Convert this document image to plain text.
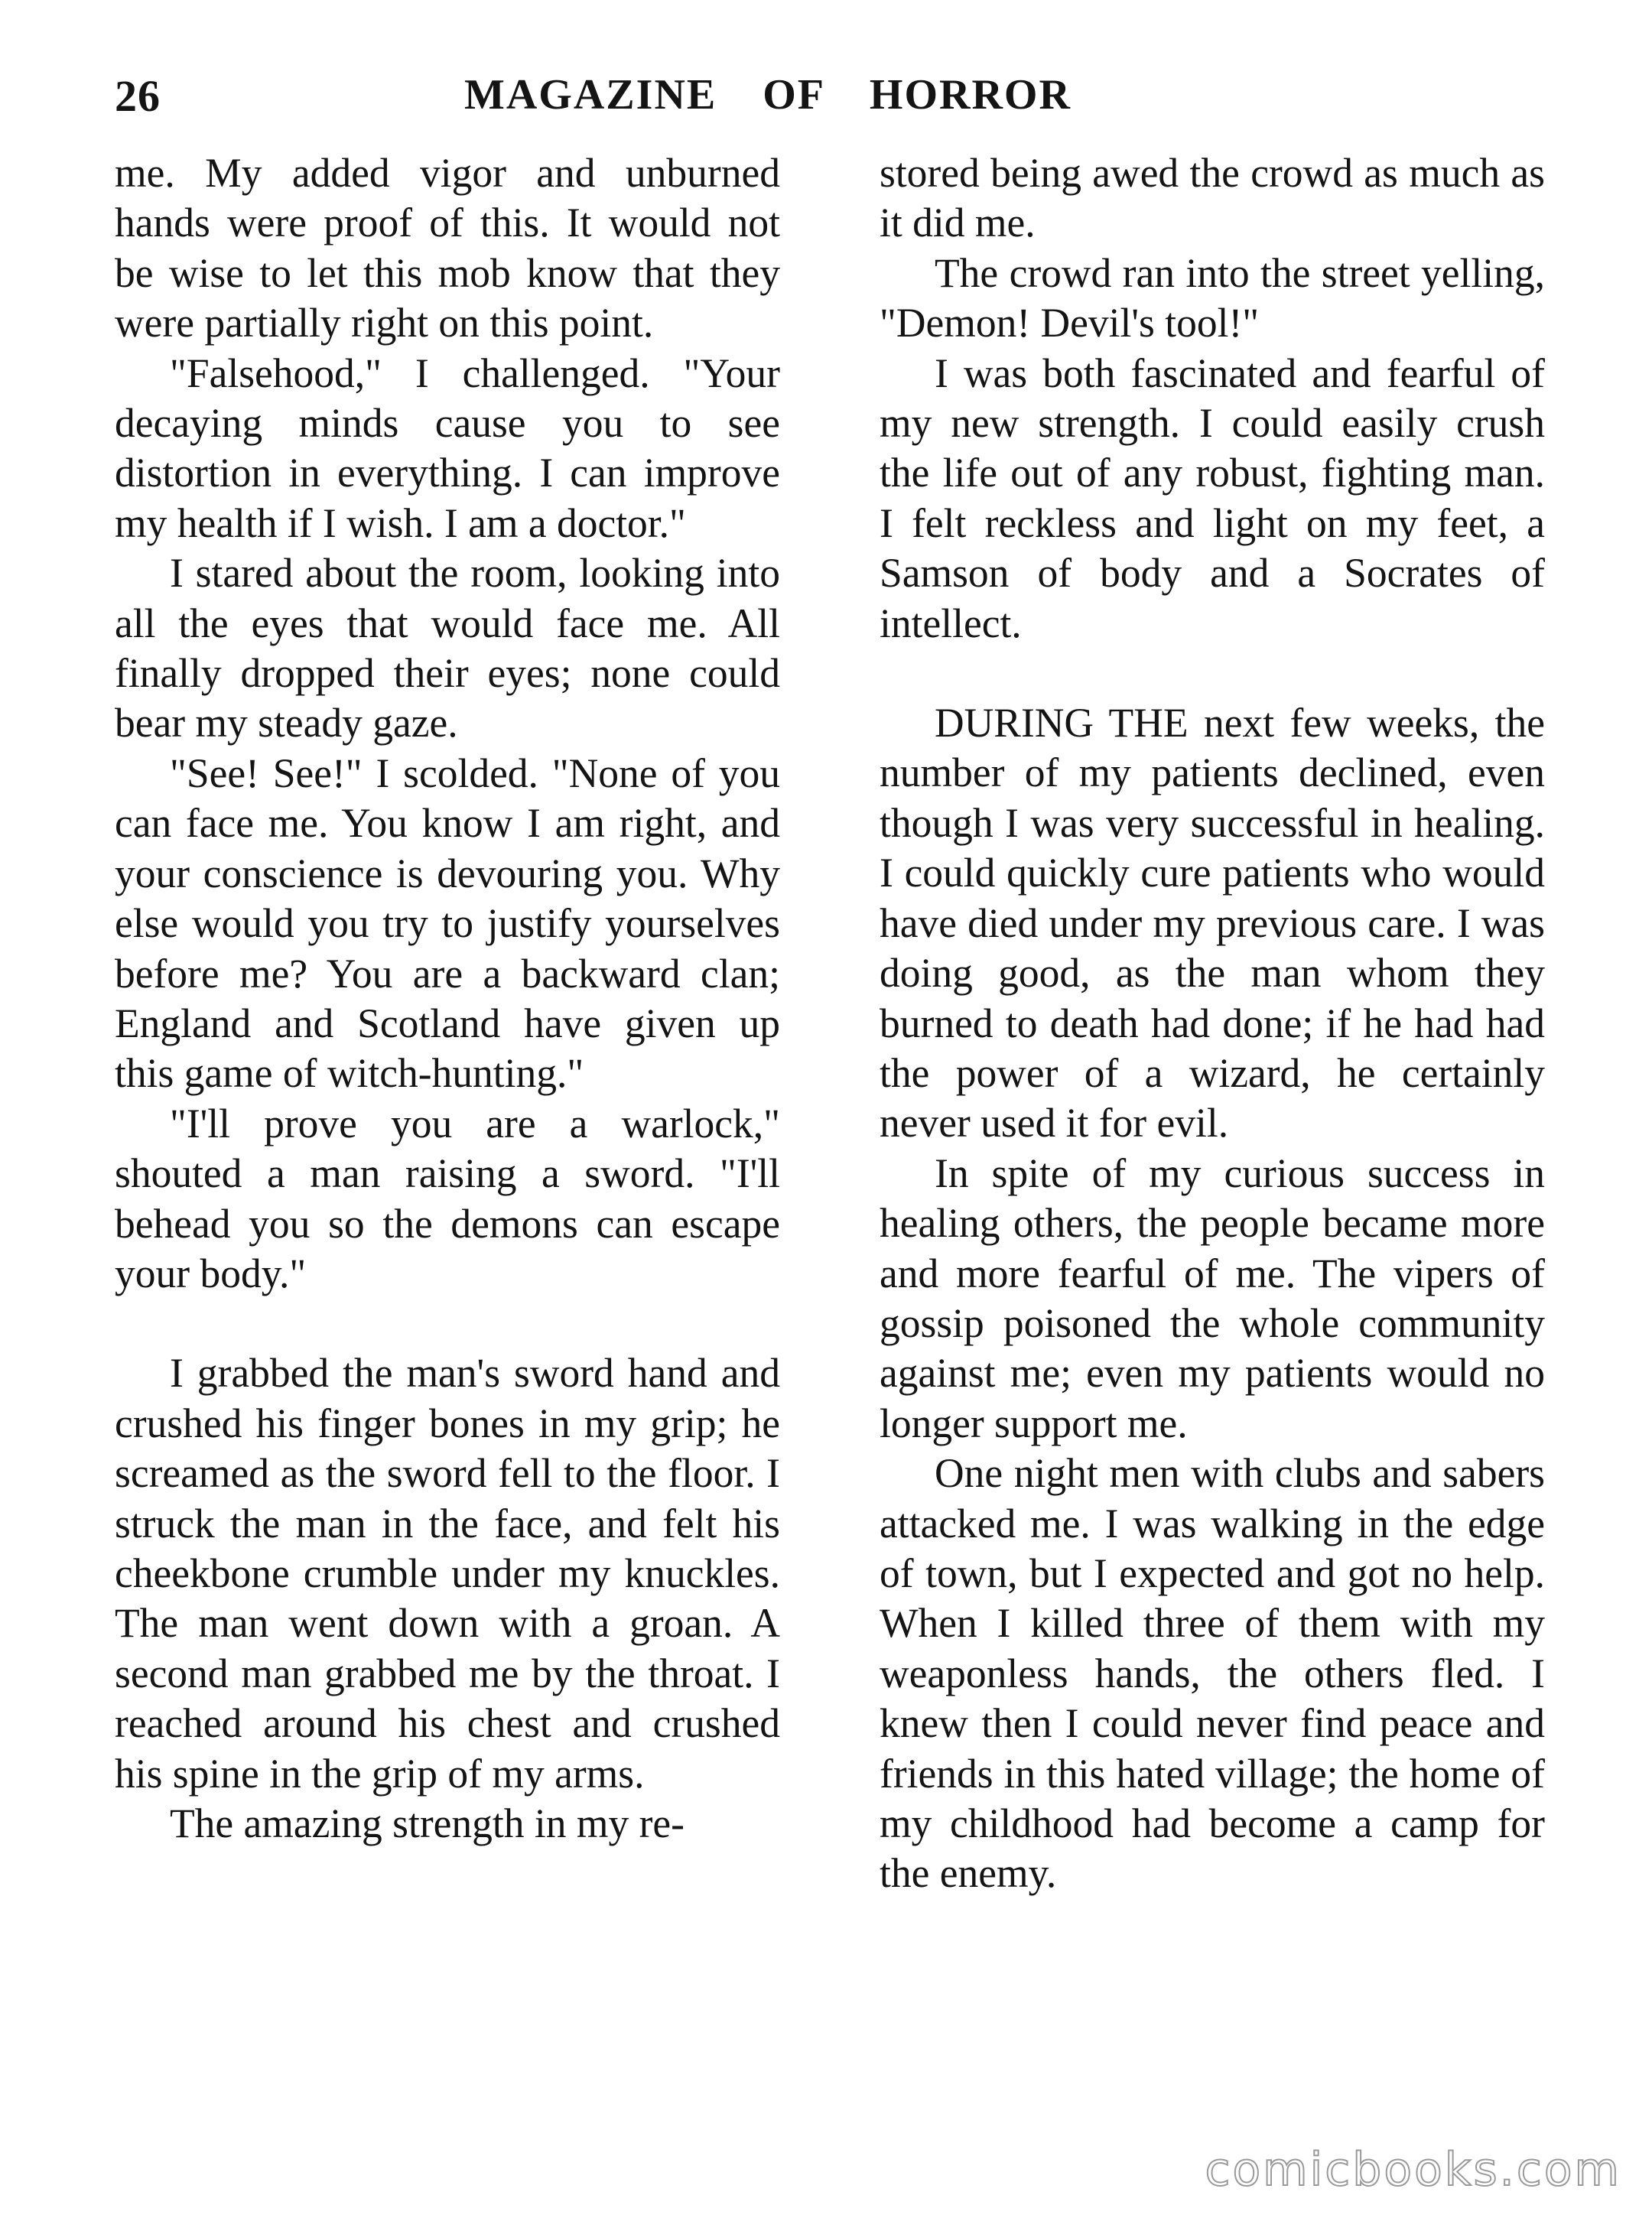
26	MAGAZINE OF HORROR

me. My added vigor and unburned hands were proof of this. It would not be wise to let this mob know that they were partially right on this point.

"Falsehood," I challenged. "Your decaying minds cause you to see distortion in everything. I can improve my health if I wish. I am a doctor."

I stared about the room, looking into all the eyes that would face me. All finally dropped their eyes; none could bear my steady gaze.

"See! See!" I scolded. "None of you can face me. You know I am right, and your conscience is devouring you. Why else would you try to justify yourselves before me? You are a backward clan; England and Scotland have given up this game of witch-hunting."

"I'll prove you are a warlock," shouted a man raising a sword. "I'll behead you so the demons can escape your body."

I grabbed the man's sword hand and crushed his finger bones in my grip; he screamed as the sword fell to the floor. I struck the man in the face, and felt his cheekbone crumble under my knuckles. The man went down with a groan. A second man grabbed me by the throat. I reached around his chest and crushed his spine in the grip of my arms.

The amazing strength in my re-

stored being awed the crowd as much as it did me.

The crowd ran into the street yelling, "Demon! Devil's tool!"

I was both fascinated and fearful of my new strength. I could easily crush the life out of any robust, fighting man. I felt reckless and light on my feet, a Samson of body and a Socrates of intellect.

DURING THE next few weeks, the number of my patients declined, even though I was very successful in healing. I could quickly cure patients who would have died under my previous care. I was doing good, as the man whom they burned to death had done; if he had had the power of a wizard, he certainly never used it for evil.

In spite of my curious success in healing others, the people became more and more fearful of me. The vipers of gossip poisoned the whole community against me; even my patients would no longer support me.

One night men with clubs and sabers attacked me. I was walking in the edge of town, but I expected and got no help. When I killed three of them with my weaponless hands, the others fled. I knew then I could never find peace and friends in this hated village; the home of my childhood had become a camp for the enemy.

comicbooks.com
